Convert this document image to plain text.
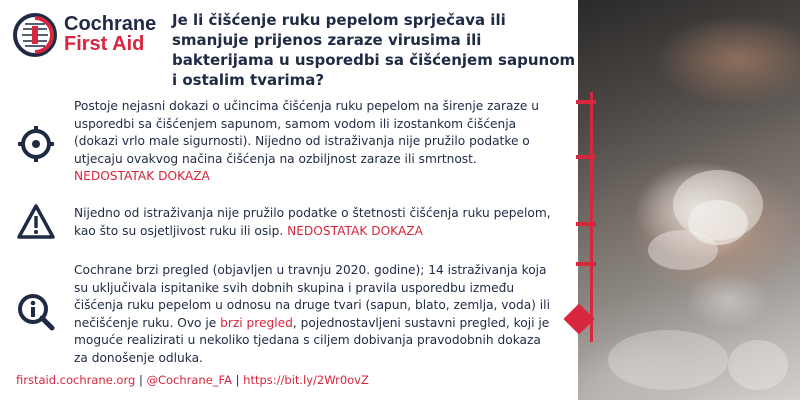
Cochrane
First Aid
Je li čišćenje ruku pepelom sprječava ili smanjuje prijenos zaraze virusima ili bakterijama u usporedbi sa čišćenjem sapunom i ostalim tvarima?
Postoje nejasni dokazi o učincima čišćenja ruku pepelom na širenje zaraze u usporedbi sa čišćenjem sapunom, samom vodom ili izostankom čišćenja (dokazi vrlo male sigurnosti). Nijedno od istraživanja nije pružilo podatke o utjecaju ovakvog načina čišćenja na ozbiljnost zaraze ili smrtnost. NEDOSTATAK DOKAZA
Nijedno od istraživanja nije pružilo podatke o štetnosti čišćenja ruku pepelom, kao što su osjetljivost ruku ili osip. NEDOSTATAK DOKAZA
Cochrane brzi pregled (objavljen u travnju 2020. godine); 14 istraživanja koja su uključivala ispitanike svih dobnih skupina i pravila usporedbu između čišćenja ruku pepelom u odnosu na druge tvari (sapun, blato, zemlja, voda) ili nečišćenje ruku. Ovo je brzi pregled, pojednostavljeni sustavni pregled, koji je moguće realizirati u nekoliko tjedana s ciljem dobivanja pravodobnih dokaza za donošenje odluka.
firstaid.cochrane.org | @Cochrane_FA | https://bit.ly/2Wr0ovZ
